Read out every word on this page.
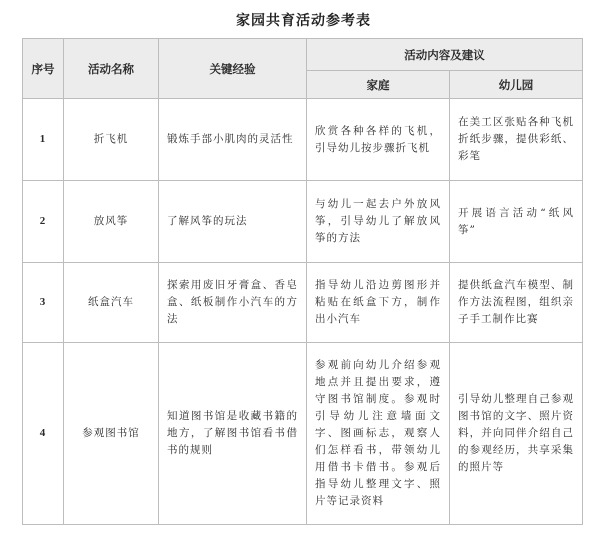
家园共育活动参考表
序号	活动名称	关键经验	活动内容及建议	
			家庭	幼儿园
1	折飞机	锻炼手部小肌肉的灵活性	欣赏各种各样的飞机，引导幼儿按步骤折飞机	在美工区张贴各种飞机折纸步骤，提供彩纸、彩笔
2	放风筝	了解风筝的玩法	与幼儿一起去户外放风筝，引导幼儿了解放风筝的方法	开展语言活动“纸风筝”
3	纸盒汽车	探索用废旧牙膏盒、香皂盒、纸板制作小汽车的方法	指导幼儿沿边剪图形并粘贴在纸盒下方，制作出小汽车	提供纸盒汽车模型、制作方法流程图，组织亲子手工制作比赛
4	参观图书馆	知道图书馆是收藏书籍的地方，了解图书馆看书借书的规则	参观前向幼儿介绍参观地点并且提出要求，遵守图书馆制度。参观时引导幼儿注意墙面文字、图画标志，观察人们怎样看书，带领幼儿用借书卡借书。参观后指导幼儿整理文字、照片等记录资料	引导幼儿整理自己参观图书馆的文字、照片资料，并向同伴介绍自己的参观经历，共享采集的照片等
